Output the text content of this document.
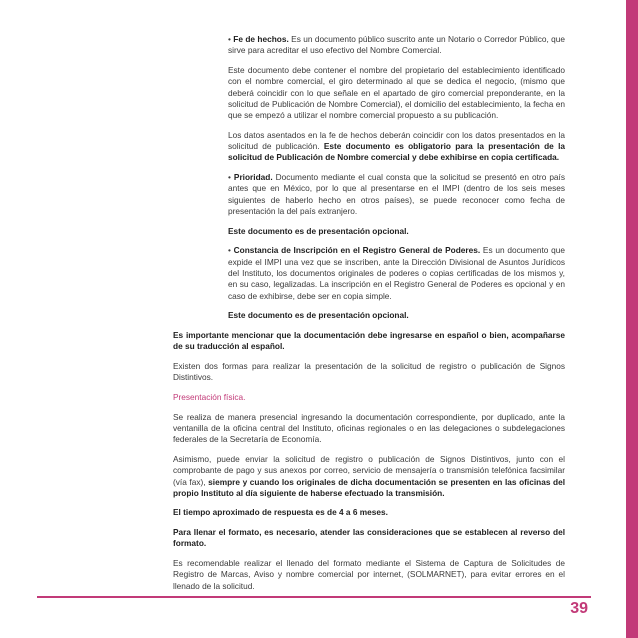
• Fe de hechos. Es un documento público suscrito ante un Notario o Corredor Público, que sirve para acreditar el uso efectivo del Nombre Comercial.

Este documento debe contener el nombre del propietario del establecimiento identificado con el nombre comercial, el giro determinado al que se dedica el negocio, (mismo que deberá coincidir con lo que señale en el apartado de giro comercial preponderante, en la solicitud de Publicación de Nombre Comercial), el domicilio del establecimiento, la fecha en que se empezó a utilizar el nombre comercial propuesto a su publicación.

Los datos asentados en la fe de hechos deberán coincidir con los datos presentados en la solicitud de publicación. Este documento es obligatorio para la presentación de la solicitud de Publicación de Nombre comercial y debe exhibirse en copia certificada.

• Prioridad. Documento mediante el cual consta que la solicitud se presentó en otro país antes que en México, por lo que al presentarse en el IMPI (dentro de los seis meses siguientes de haberlo hecho en otros países), se puede reconocer como fecha de presentación la del país extranjero.

Este documento es de presentación opcional.

• Constancia de Inscripción en el Registro General de Poderes. Es un documento que expide el IMPI una vez que se inscriben, ante la Dirección Divisional de Asuntos Jurídicos del Instituto, los documentos originales de poderes o copias certificadas de los mismos y, en su caso, legalizadas. La inscripción en el Registro General de Poderes es opcional y en caso de exhibirse, debe ser en copia simple.

Este documento es de presentación opcional.

Es importante mencionar que la documentación debe ingresarse en español o bien, acompañarse de su traducción al español.

Existen dos formas para realizar la presentación de la solicitud de registro o publicación de Signos Distintivos.

Presentación física.

Se realiza de manera presencial ingresando la documentación correspondiente, por duplicado, ante la ventanilla de la oficina central del Instituto, oficinas regionales o en las delegaciones o subdelegaciones federales de la Secretaría de Economía.

Asimismo, puede enviar la solicitud de registro o publicación de Signos Distintivos, junto con el comprobante de pago y sus anexos por correo, servicio de mensajería o transmisión telefónica facsimilar (vía fax), siempre y cuando los originales de dicha documentación se presenten en las oficinas del propio Instituto al día siguiente de haberse efectuado la transmisión.

El tiempo aproximado de respuesta es de 4 a 6 meses.

Para llenar el formato, es necesario, atender las consideraciones que se establecen al reverso del formato.

Es recomendable realizar el llenado del formato mediante el Sistema de Captura de Solicitudes de Registro de Marcas, Aviso y nombre comercial por internet, (SOLMARNET), para evitar errores en el llenado de la solicitud.

39
